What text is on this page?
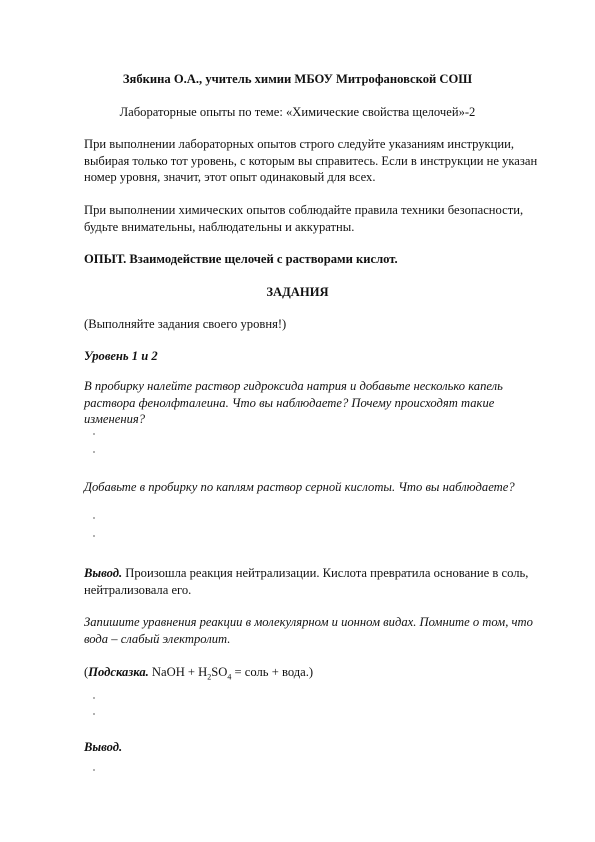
Зябкина О.А., учитель химии МБОУ Митрофановской СОШ

Лабораторные опыты по теме: «Химические свойства щелочей»-2

При выполнении лабораторных опытов строго следуйте указаниям инструкции, выбирая только тот уровень, с которым вы справитесь. Если в инструкции не указан номер уровня, значит, этот опыт одинаковый для всех.

При выполнении химических опытов соблюдайте правила техники безопасности, будьте внимательны, наблюдательны и аккуратны.

ОПЫТ. Взаимодействие щелочей с растворами кислот.

ЗАДАНИЯ

(Выполняйте задания своего уровня!)

Уровень 1 и 2

В пробирку налейте раствор гидроксида натрия и добавьте несколько капель раствора фенолфталеина. Что вы наблюдаете? Почему происходят такие изменения?

Добавьте в пробирку по каплям раствор серной кислоты. Что вы наблюдаете?

Вывод. Произошла реакция нейтрализации. Кислота превратила основание в соль, нейтрализовала его.

Запишите уравнения реакции в молекулярном и ионном видах. Помните о том, что вода – слабый электролит.

(Подсказка. NaOH + $H_2SO_4$ = соль + вода.)

Вывод.
